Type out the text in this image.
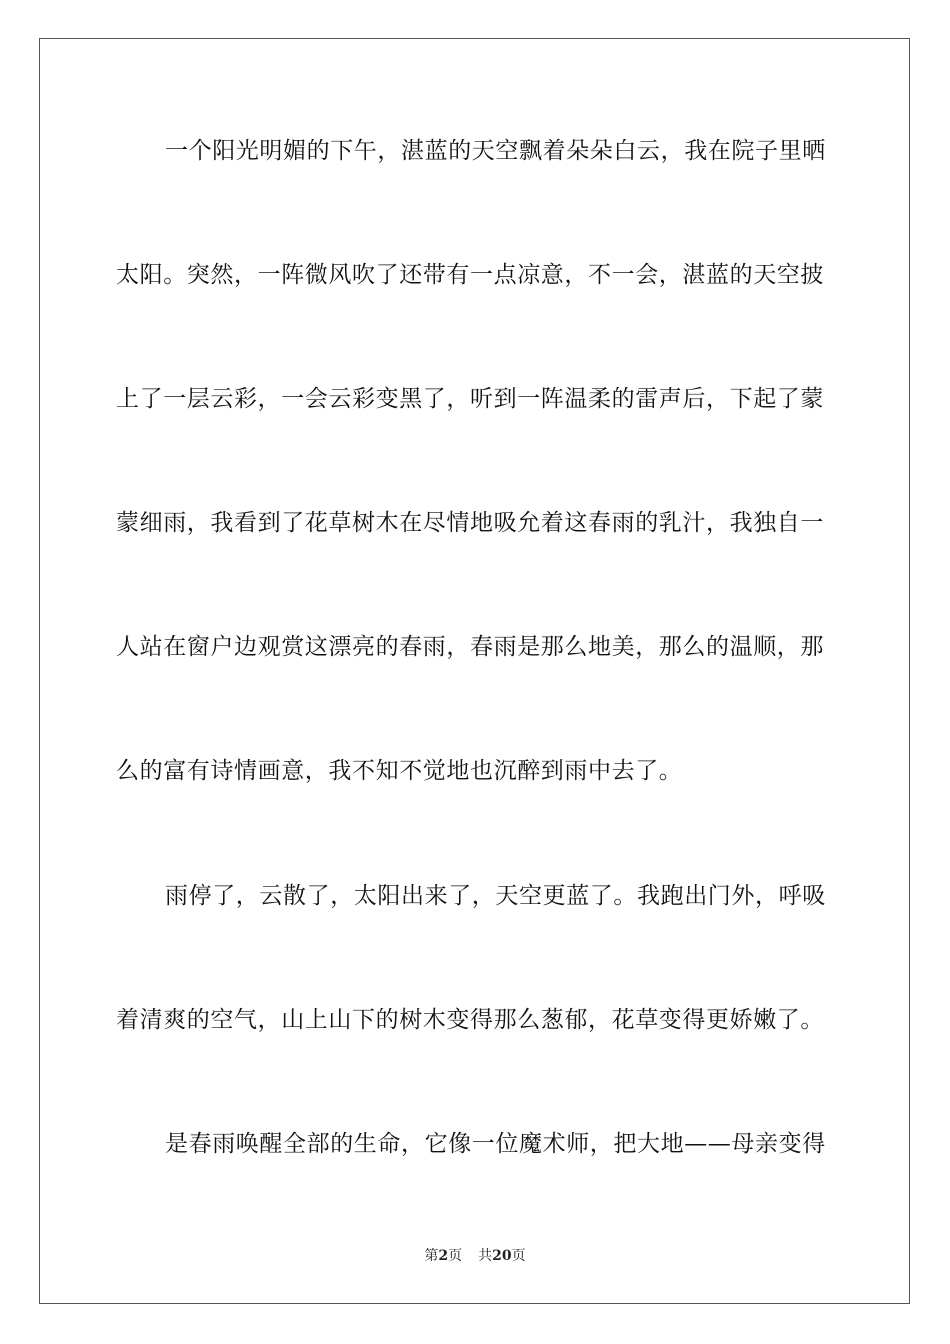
一个阳光明媚的下午，湛蓝的天空飘着朵朵白云，我在院子里晒
太阳。突然，一阵微风吹了还带有一点凉意，不一会，湛蓝的天空披
上了一层云彩，一会云彩变黑了，听到一阵温柔的雷声后，下起了蒙
蒙细雨，我看到了花草树木在尽情地吸允着这春雨的乳汁，我独自一
人站在窗户边观赏这漂亮的春雨，春雨是那么地美，那么的温顺，那
么的富有诗情画意，我不知不觉地也沉醉到雨中去了。
雨停了，云散了，太阳出来了，天空更蓝了。我跑出门外，呼吸
着清爽的空气，山上山下的树木变得那么葱郁，花草变得更娇嫩了。
是春雨唤醒全部的生命，它像一位魔术师，把大地——母亲变得
第2页 共20页
